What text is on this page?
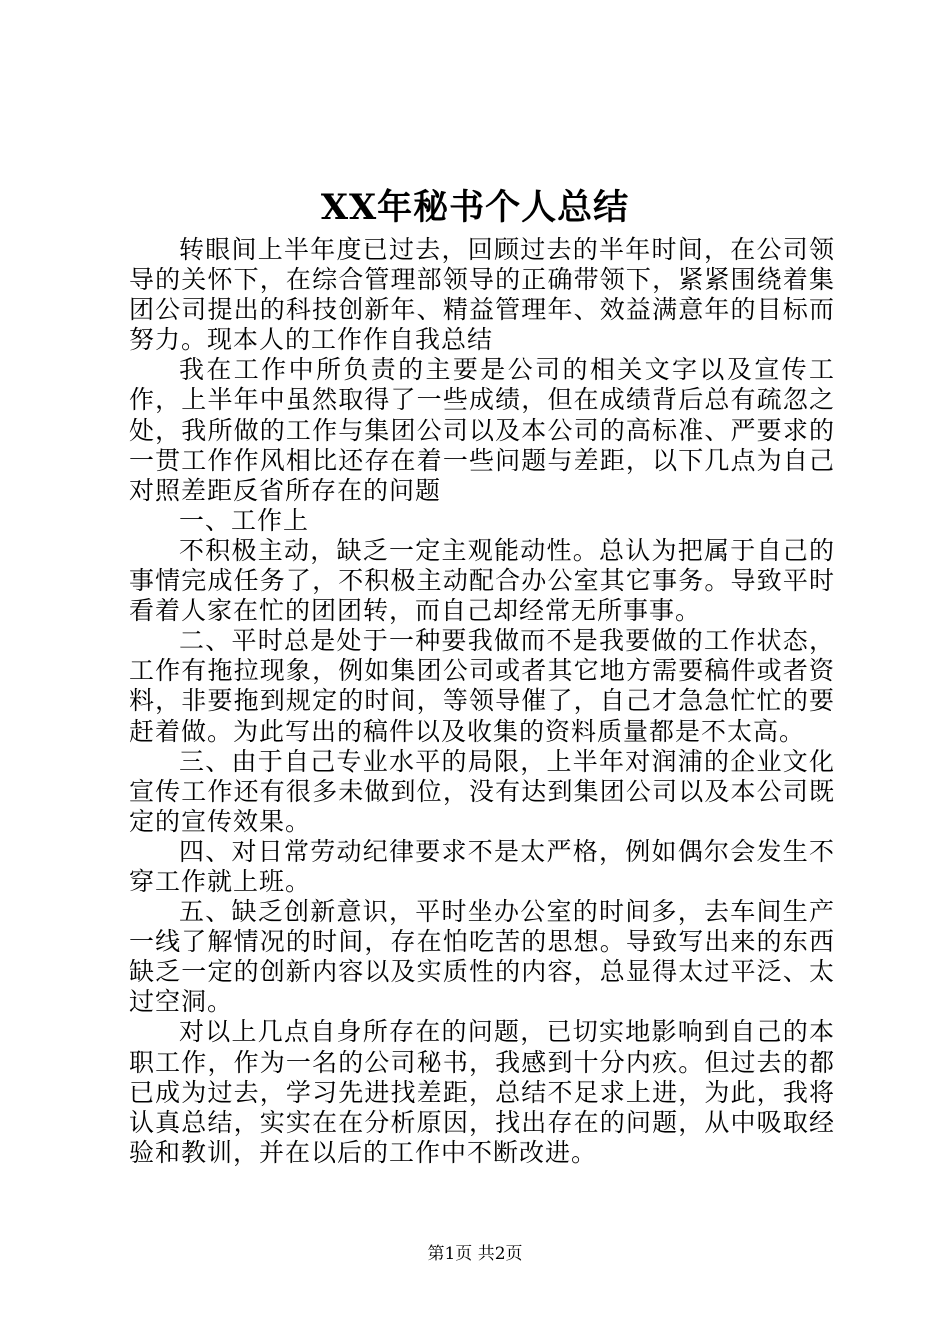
XX年秘书个人总结

转眼间上半年度已过去，回顾过去的半年时间，在公司领导的关怀下，在综合管理部领导的正确带领下，紧紧围绕着集团公司提出的科技创新年、精益管理年、效益满意年的目标而努力。现本人的工作作自我总结

我在工作中所负责的主要是公司的相关文字以及宣传工作，上半年中虽然取得了一些成绩，但在成绩背后总有疏忽之处，我所做的工作与集团公司以及本公司的高标准、严要求的一贯工作作风相比还存在着一些问题与差距，以下几点为自己对照差距反省所存在的问题

一、工作上

不积极主动，缺乏一定主观能动性。总认为把属于自己的事情完成任务了，不积极主动配合办公室其它事务。导致平时看着人家在忙的团团转，而自己却经常无所事事。

二、平时总是处于一种要我做而不是我要做的工作状态，工作有拖拉现象，例如集团公司或者其它地方需要稿件或者资料，非要拖到规定的时间，等领导催了，自己才急急忙忙的要赶着做。为此写出的稿件以及收集的资料质量都是不太高。

三、由于自己专业水平的局限，上半年对润浦的企业文化宣传工作还有很多未做到位，没有达到集团公司以及本公司既定的宣传效果。

四、对日常劳动纪律要求不是太严格，例如偶尔会发生不穿工作就上班。

五、缺乏创新意识，平时坐办公室的时间多，去车间生产一线了解情况的时间，存在怕吃苦的思想。导致写出来的东西缺乏一定的创新内容以及实质性的内容，总显得太过平泛、太过空洞。

对以上几点自身所存在的问题，已切实地影响到自己的本职工作，作为一名的公司秘书，我感到十分内疚。但过去的都已成为过去，学习先进找差距，总结不足求上进，为此，我将认真总结，实实在在分析原因，找出存在的问题，从中吸取经验和教训，并在以后的工作中不断改进。

第1页 共2页
